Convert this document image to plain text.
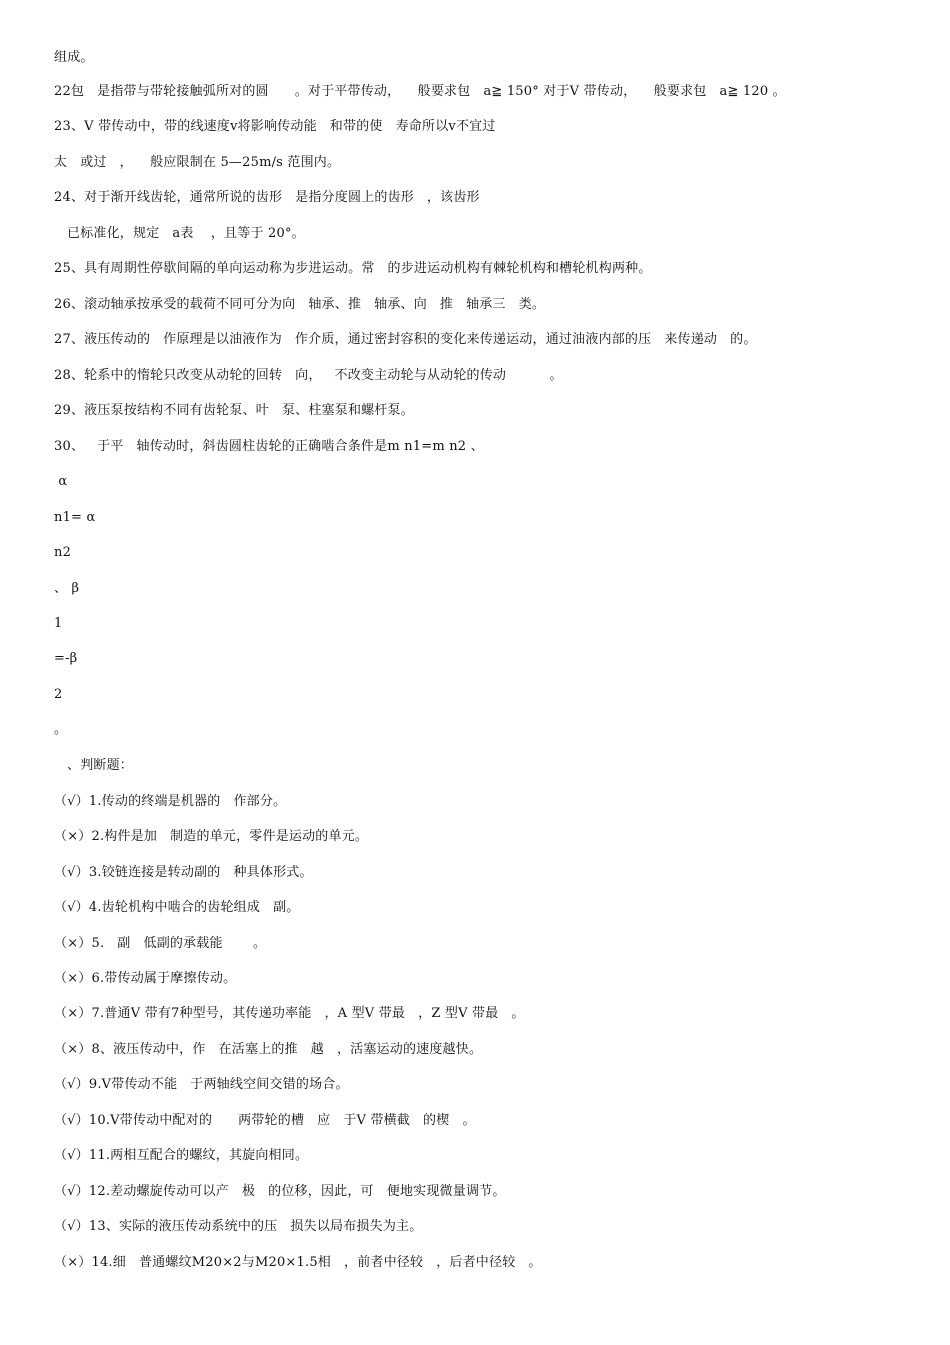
组成。
22包   是指带与带轮接触弧所对的圆      。对于平带传动，    般要求包   a≧ 150° 对于V 带传动，    般要求包   a≧ 120 。
23、V 带传动中，带的线速度v将影响传动能   和带的使   寿命所以v不宜过
太   或过   ，    般应限制在 5—25m/s 范围内。
24、对于渐开线齿轮，通常所说的齿形   是指分度圆上的齿形   ，该齿形
已标准化，规定   a表    ，且等于 20°。
25、具有周期性停歇间隔的单向运动称为步进运动。常   的步进运动机构有棘轮机构和槽轮机构两种。
26、滚动轴承按承受的载荷不同可分为向   轴承、推   轴承、向   推   轴承三   类。
27、液压传动的   作原理是以油液作为   作介质，通过密封容积的变化来传递运动，通过油液内部的压   来传递动   的。
28、轮系中的惰轮只改变从动轮的回转   向，   不改变主动轮与从动轮的传动          。
29、液压泵按结构不同有齿轮泵、叶   泵、柱塞泵和螺杆泵。
30、   于平   轴传动时，斜齿圆柱齿轮的正确啮合条件是m n1=m n2 、
α
n1= α
n2
、 β
1
=-β
2
。
、判断题：
（√）1.传动的终端是机器的   作部分。
（×）2.构件是加   制造的单元，零件是运动的单元。
（√）3.铰链连接是转动副的   种具体形式。
（√）4.齿轮机构中啮合的齿轮组成   副。
（×）5.   副   低副的承载能       。
（×）6.带传动属于摩擦传动。
（×）7.普通V 带有7种型号，其传递功率能   ，A 型V 带最   ，Z 型V 带最   。
（×）8、液压传动中，作   在活塞上的推   越   ，活塞运动的速度越快。
（√）9.V带传动不能   于两轴线空间交错的场合。
（√）10.V带传动中配对的      两带轮的槽   应   于V 带横截   的楔   。
（√）11.两相互配合的螺纹，其旋向相同。
（√）12.差动螺旋传动可以产   极   的位移，因此，可   便地实现微量调节。
（√）13、实际的液压传动系统中的压   损失以局布损失为主。
（×）14.细   普通螺纹M20×2与M20×1.5相   ，前者中径较   ，后者中径较   。
